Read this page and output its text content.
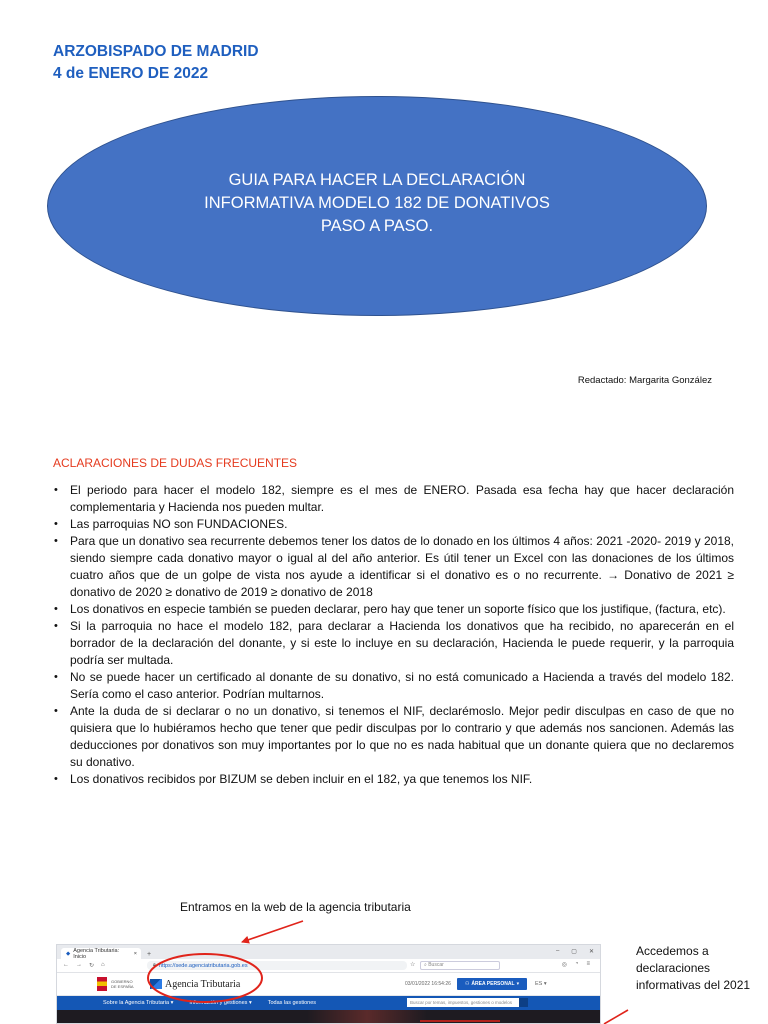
ARZOBISPADO DE MADRID
4 de ENERO DE 2022
GUIA PARA HACER LA DECLARACIÓN
INFORMATIVA MODELO 182 DE DONATIVOS
PASO A PASO.
Redactado: Margarita González
ACLARACIONES DE DUDAS FRECUENTES
• El periodo para hacer el modelo 182, siempre es el mes de ENERO. Pasada esa fecha hay que hacer declaración complementaria y Hacienda nos pueden multar.
• Las parroquias NO son FUNDACIONES.
• Para que un donativo sea recurrente debemos tener los datos de lo donado en los últimos 4 años: 2021 -2020- 2019 y 2018, siendo siempre cada donativo mayor o igual al del año anterior. Es útil tener un Excel con las donaciones de los últimos cuatro años que de un golpe de vista nos ayude a identificar si el donativo es o no recurrente. → Donativo de 2021 ≥ donativo de 2020 ≥ donativo de 2019 ≥ donativo de 2018
• Los donativos en especie también se pueden declarar, pero hay que tener un soporte físico que los justifique, (factura, etc).
• Si la parroquia no hace el modelo 182, para declarar a Hacienda los donativos que ha recibido, no aparecerán en el borrador de la declaración del donante, y si este lo incluye en su declaración, Hacienda le puede requerir, y la parroquia podría ser multada.
• No se puede hacer un certificado al donante de su donativo, si no está comunicado a Hacienda a través del modelo 182. Sería como el caso anterior. Podrían multarnos.
• Ante la duda de si declarar o no un donativo, si tenemos el NIF, declarémoslo. Mejor pedir disculpas en caso de que no quisiera que lo hubiéramos hecho que tener que pedir disculpas por lo contrario y que además nos sancionen. Además las deducciones por donativos son muy importantes por lo que no es nada habitual que un donante quiera que no declaremos su donativo.
• Los donativos recibidos por BIZUM se deben incluir en el 182, ya que tenemos los NIF.
Entramos en la web de la agencia tributaria
Accedemos a declaraciones informativas del 2021
◆ Agencia Tributaria: Inicio	× +	– ▢ ✕
← → ↻ ⌂	🔒︎ https://sede.agenciatributaria.gob.es	☆	⌕ Buscar	◎ ◔ ≡
GOBIERNO DE ESPAÑA	Agencia Tributaria	03/01/2022 16:54:26	⚇ ÁREA PERSONAL ▾	ES ▾
Sobre la Agencia Tributaria ▾	Información y gestiones ▾	Todas las gestiones	Buscar por temas, impuestos, gestiones o modelos
